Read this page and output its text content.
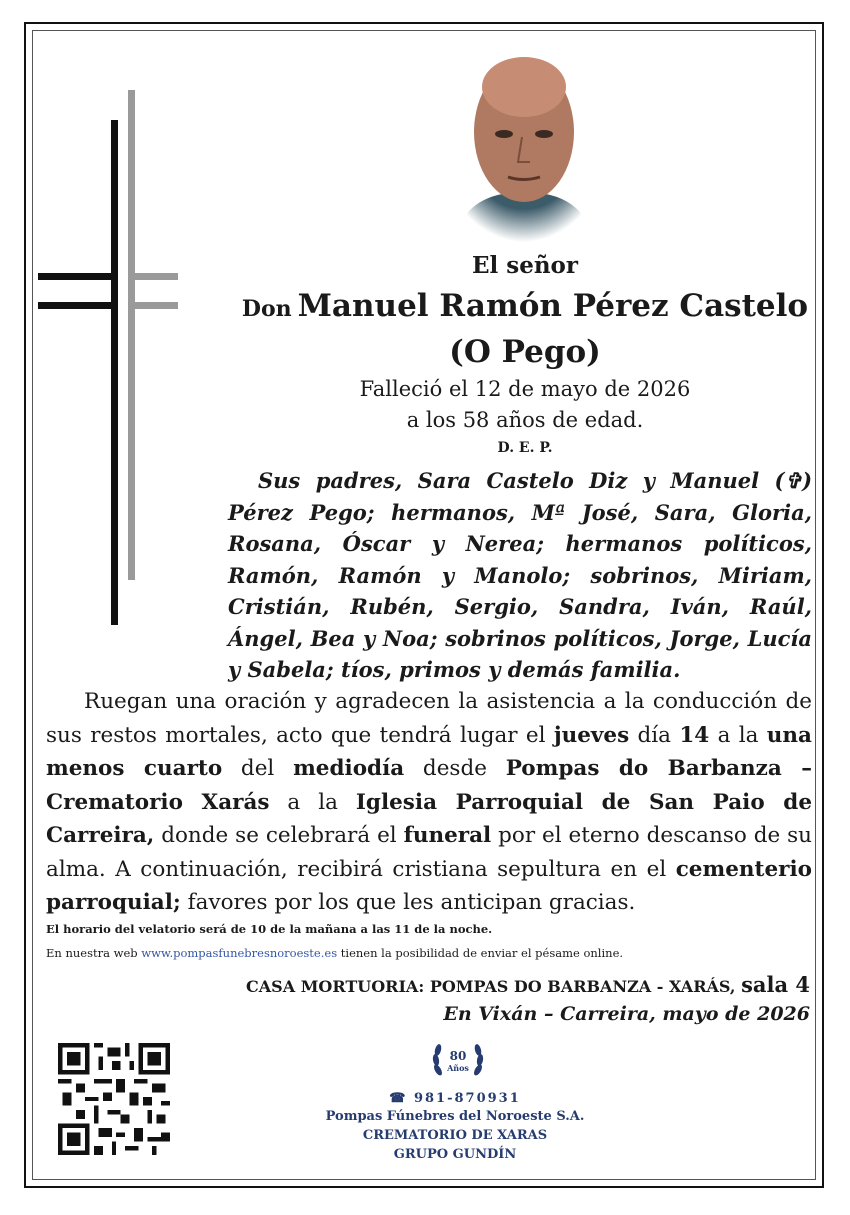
El señor
Don Manuel Ramón Pérez Castelo
(O Pego)
Falleció el 12 de mayo de 2026
a los 58 años de edad.
D. E. P.

Sus padres, Sara Castelo Diz y Manuel (✞) Pérez Pego; hermanos, Mª José, Sara, Gloria, Rosana, Óscar y Nerea; hermanos políticos, Ramón, Ramón y Manolo; sobrinos, Miriam, Cristián, Rubén, Sergio, Sandra, Iván, Raúl, Ángel, Bea y Noa; sobrinos políticos, Jorge, Lucía y Sabela; tíos, primos y demás familia.

Ruegan una oración y agradecen la asistencia a la conducción de sus restos mortales, acto que tendrá lugar el jueves día 14 a la una menos cuarto del mediodía desde Pompas do Barbanza – Crematorio Xarás a la Iglesia Parroquial de San Paio de Carreira, donde se celebrará el funeral por el eterno descanso de su alma. A continuación, recibirá cristiana sepultura en el cementerio parroquial; favores por los que les anticipan gracias.

El horario del velatorio será de 10 de la mañana a las 11 de la noche.
En nuestra web www.pompasfunebresnoroeste.es tienen la posibilidad de enviar el pésame online.
CASA MORTUORIA: POMPAS DO BARBANZA - XARÁS, sala 4
En Vixán – Carreira, mayo de 2026
80
Años
☎ 981-870931
Pompas Fúnebres del Noroeste S.A.
CREMATORIO DE XARAS
GRUPO GUNDÍN
